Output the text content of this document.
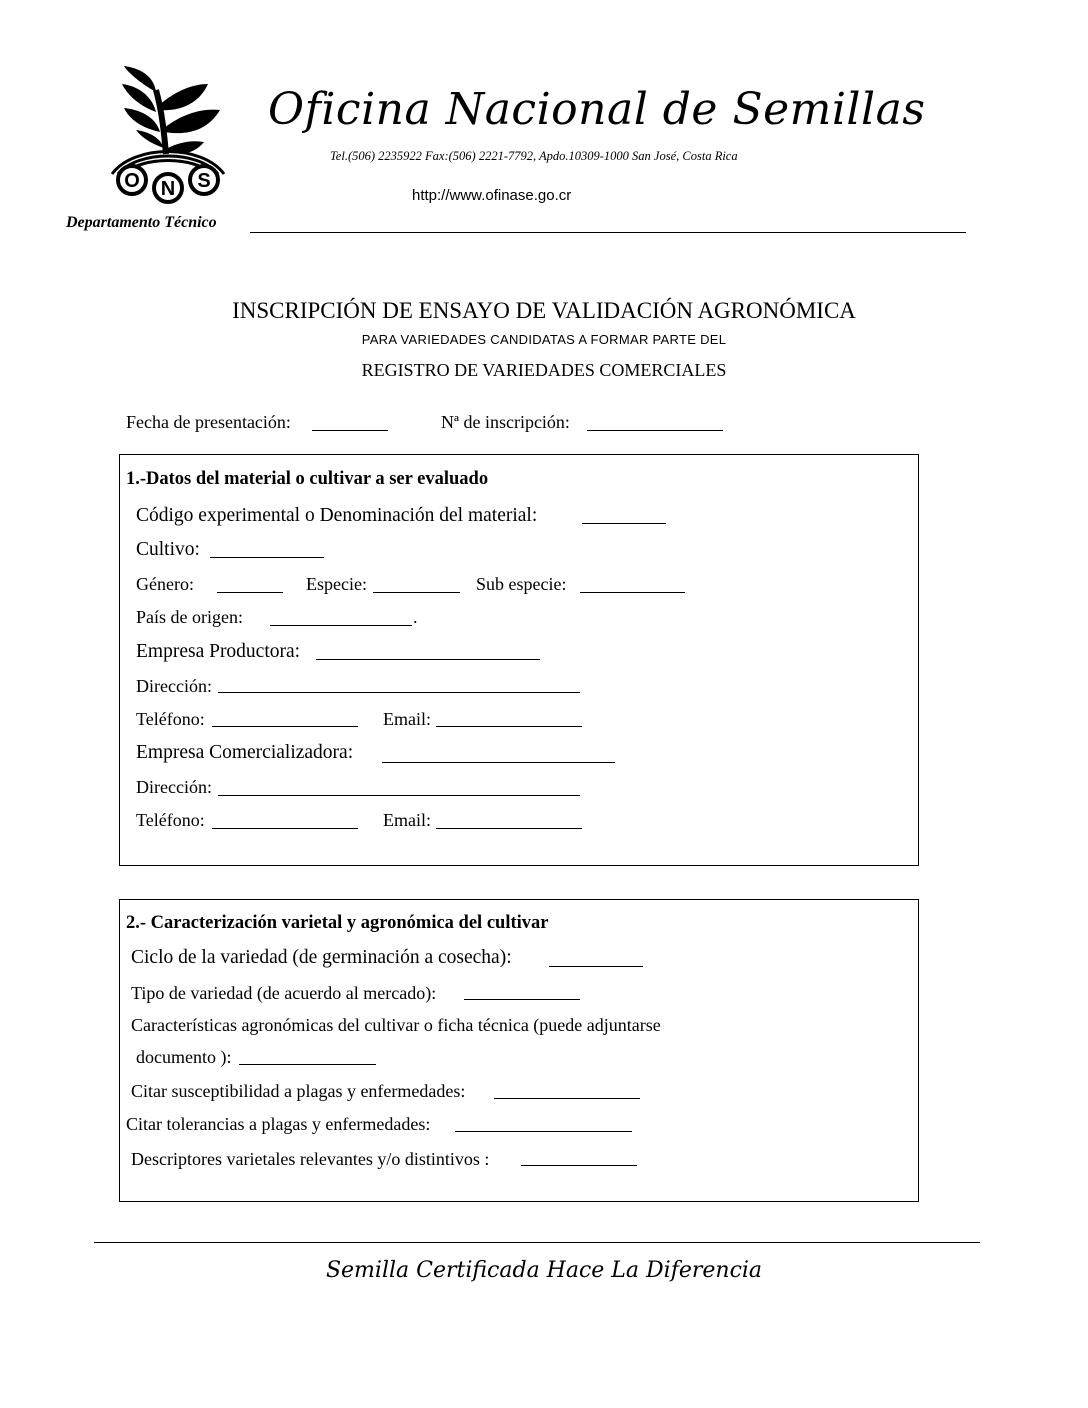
O N S
Oficina Nacional de Semillas
Tel.(506) 2235922 Fax:(506) 2221-7792, Apdo.10309-1000 San José, Costa Rica
http://www.ofinase.go.cr
Departamento Técnico
INSCRIPCIÓN DE ENSAYO DE VALIDACIÓN AGRONÓMICA
PARA VARIEDADES CANDIDATAS A FORMAR PARTE DEL
REGISTRO DE VARIEDADES COMERCIALES
Fecha de presentación:	Nª de inscripción:
1.-Datos del material o cultivar a ser evaluado
Código experimental o Denominación del material:
Cultivo:
Género:	Especie:	Sub especie:
País de origen:	.
Empresa Productora:
Dirección:
Teléfono:	Email:
Empresa Comercializadora:
Dirección:
Teléfono:	Email:
2.- Caracterización varietal y agronómica del cultivar
Ciclo de la variedad (de germinación a cosecha):
Tipo de variedad (de acuerdo al mercado):
Características agronómicas del cultivar o ficha técnica (puede adjuntarse
documento ):
Citar susceptibilidad a plagas y enfermedades:
Citar tolerancias a plagas y enfermedades:
Descriptores varietales relevantes y/o distintivos :
Semilla Certificada Hace La Diferencia
